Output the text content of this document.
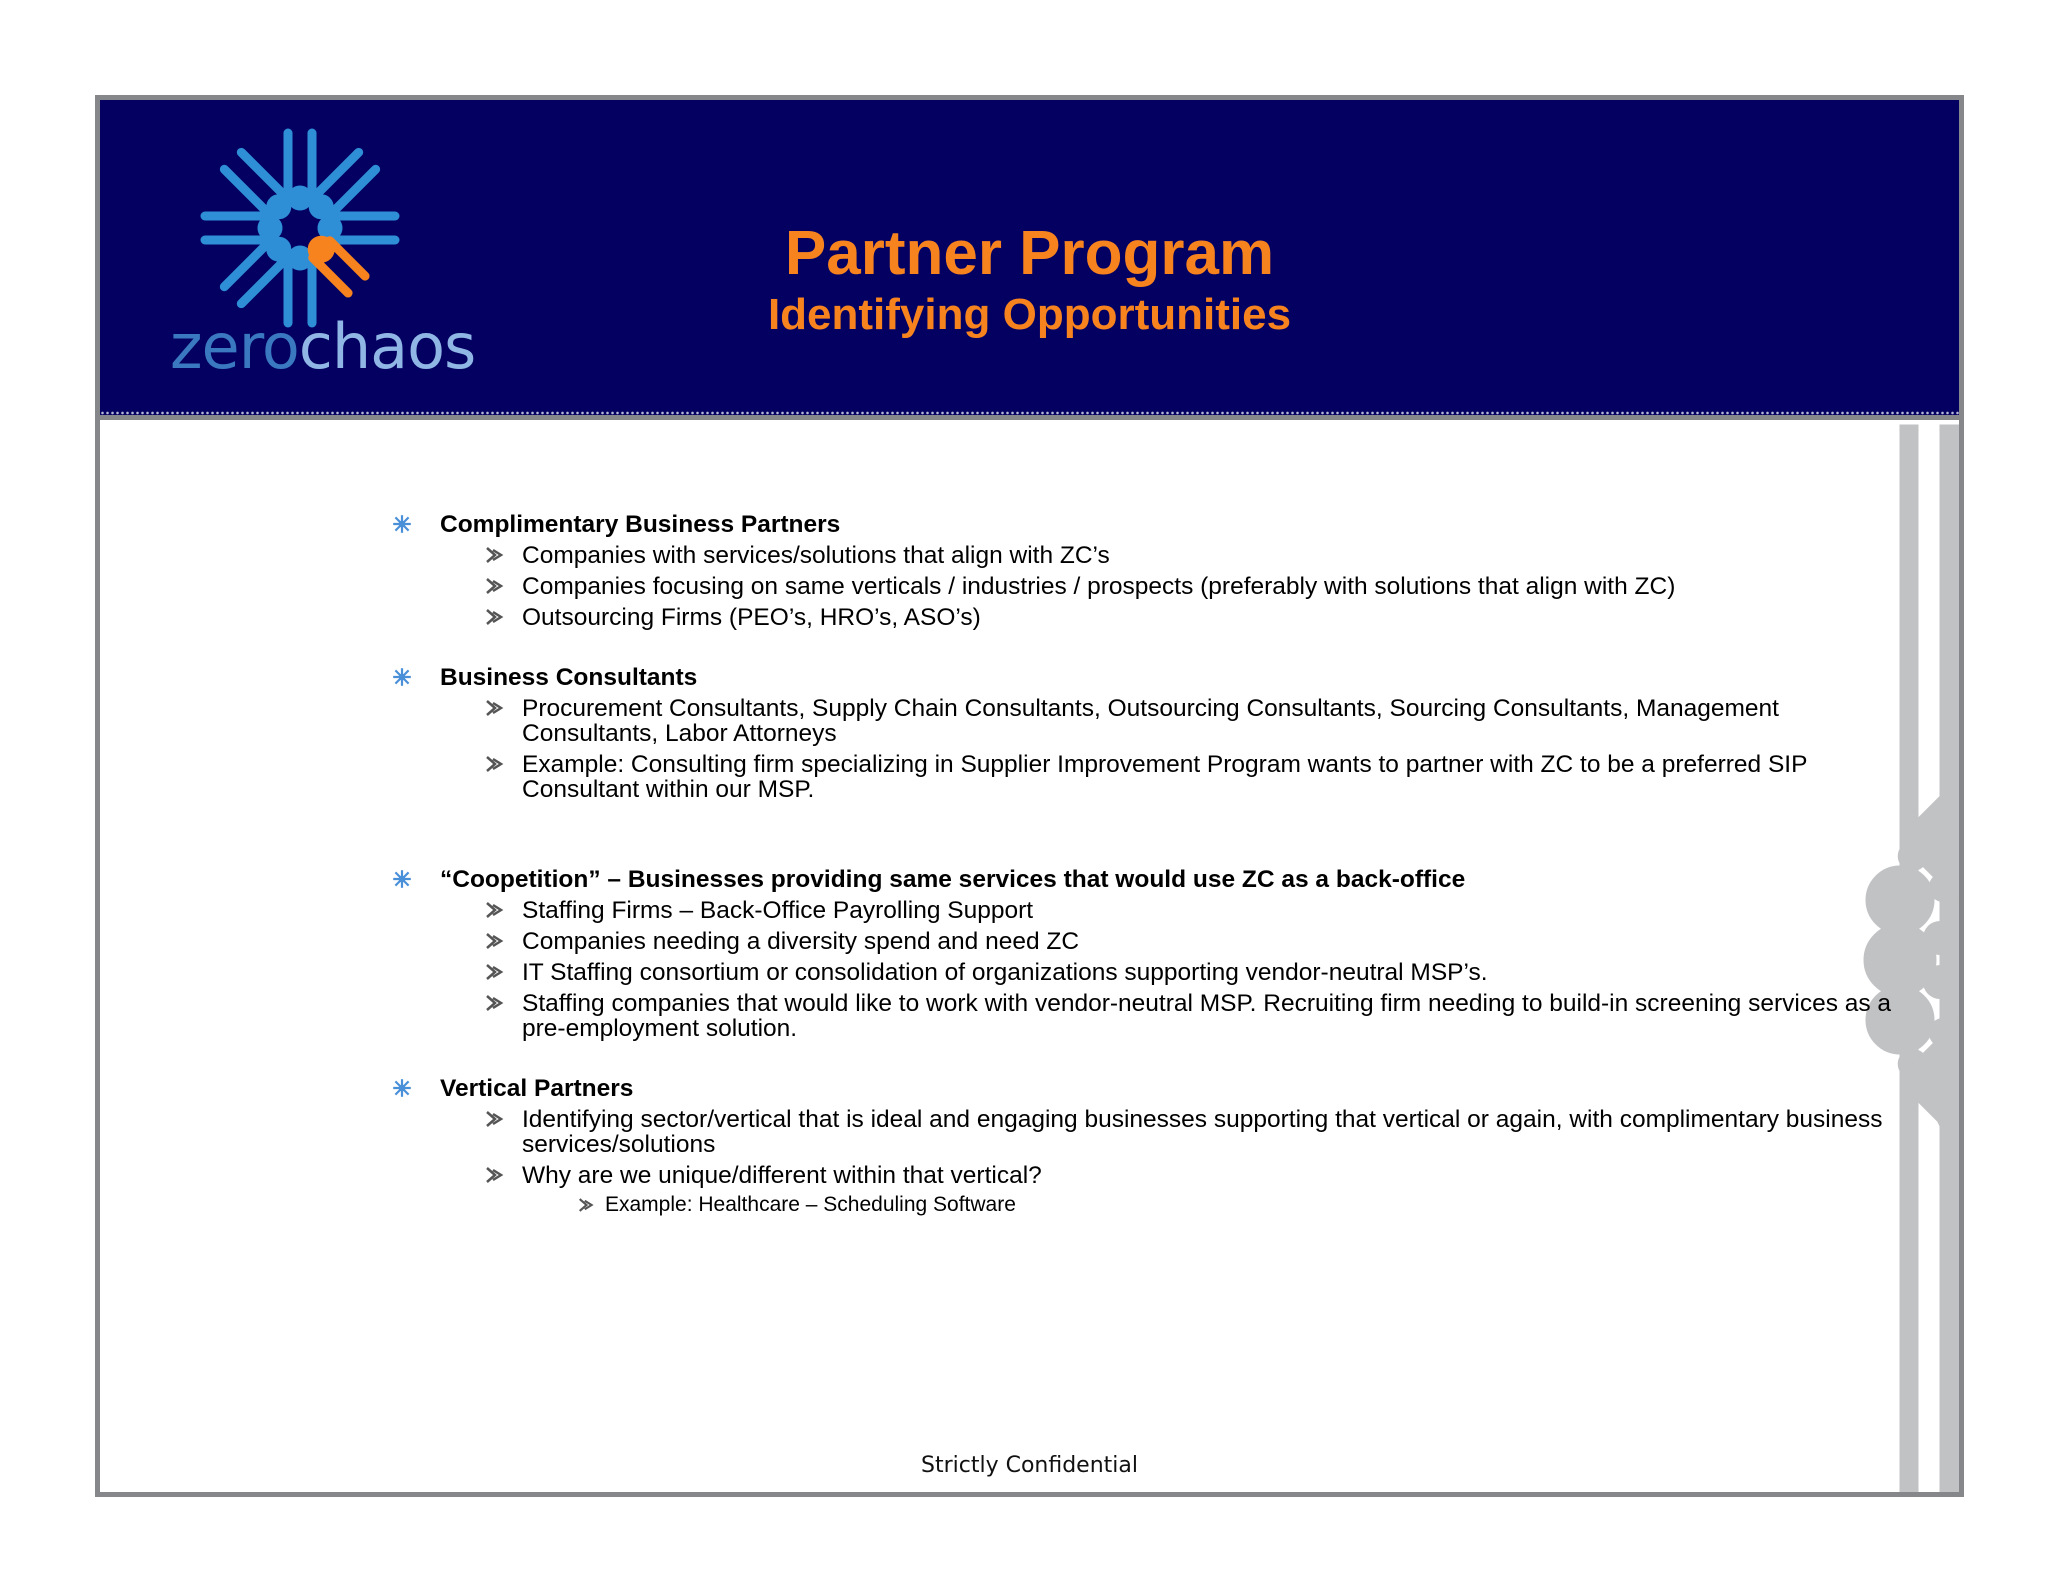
zerochaos
Partner Program
Identifying Opportunities
Complimentary Business Partners
Companies with services/solutions that align with ZC’s
Companies focusing on same verticals / industries / prospects (preferably with solutions that align with ZC)
Outsourcing Firms (PEO’s, HRO’s, ASO’s)
Business Consultants
Procurement Consultants, Supply Chain Consultants, Outsourcing Consultants, Sourcing Consultants, Management Consultants, Labor Attorneys
Example: Consulting firm specializing in Supplier Improvement Program wants to partner with ZC to be a preferred SIP Consultant within our MSP.
“Coopetition” – Businesses providing same services that would use ZC as a back-office
Staffing Firms – Back-Office Payrolling Support
Companies needing a diversity spend and need ZC
IT Staffing consortium or consolidation of organizations supporting vendor-neutral MSP’s.
Staffing companies that would like to work with vendor-neutral MSP. Recruiting firm needing to build-in screening services as a pre-employment solution.
Vertical Partners
Identifying sector/vertical that is ideal and engaging businesses supporting that vertical or again, with complimentary business services/solutions
Why are we unique/different within that vertical?
Example: Healthcare – Scheduling Software
Strictly Confidential
